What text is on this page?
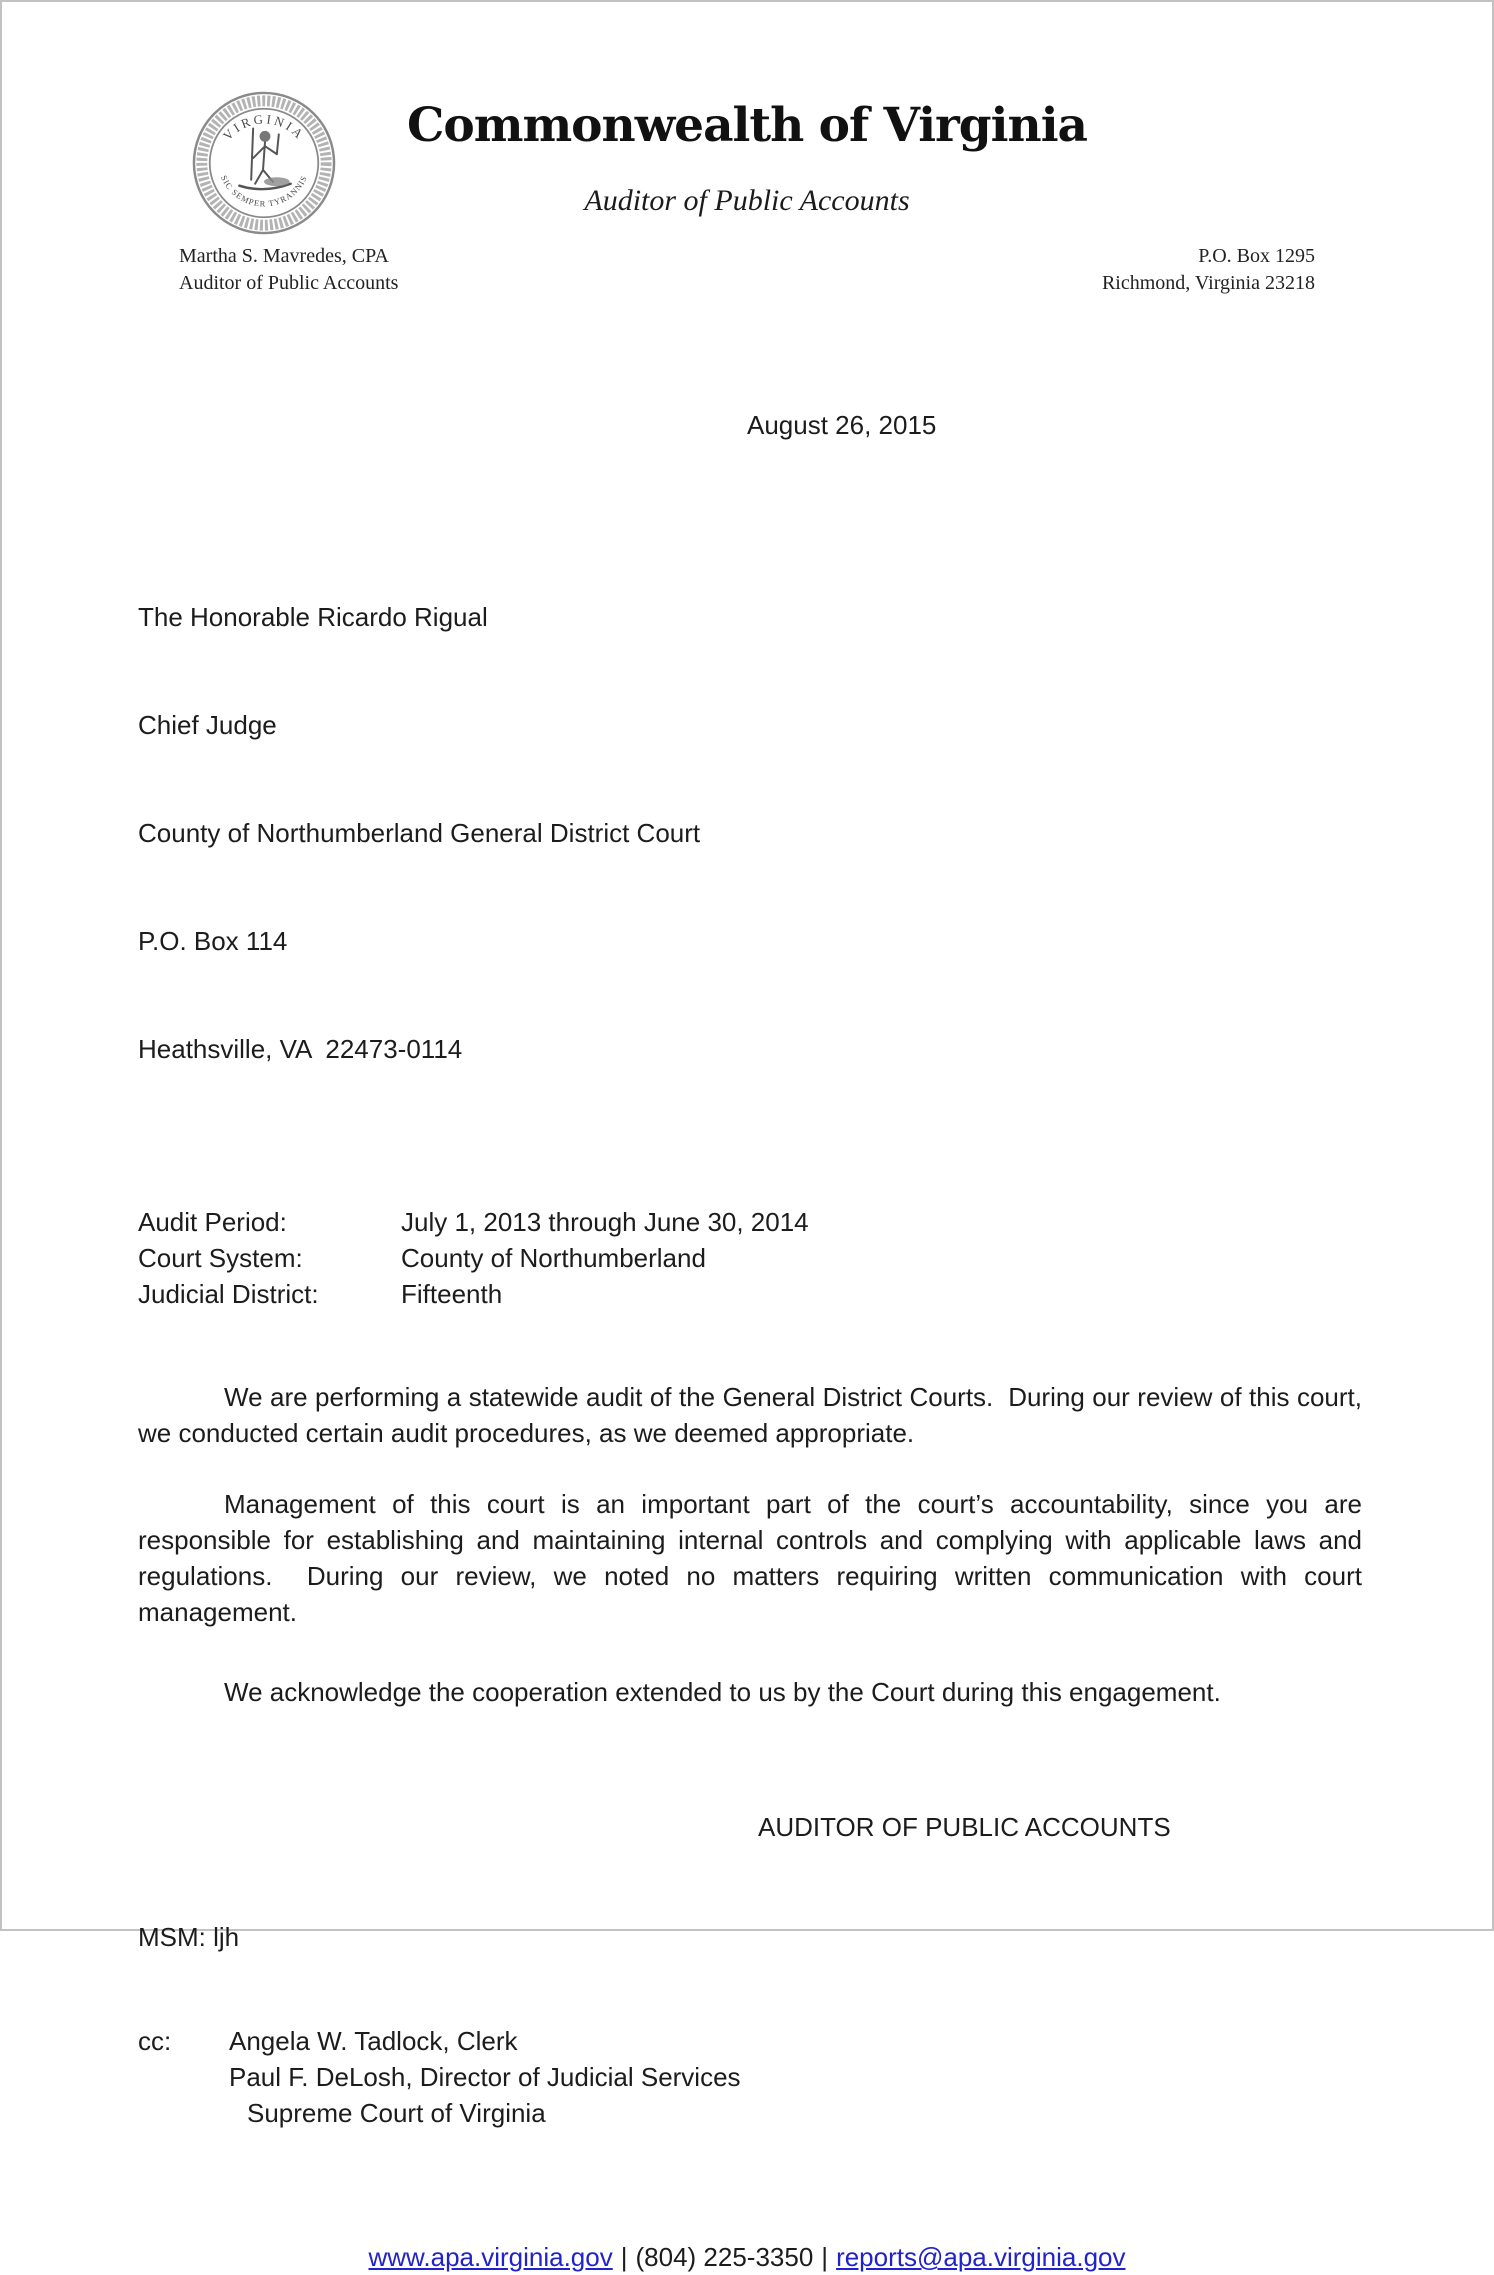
VIRGINIA
SIC SEMPER TYRANNIS
Commonwealth of Virginia
Auditor of Public Accounts
Martha S. Mavredes, CPA
Auditor of Public Accounts
P.O. Box 1295
Richmond, Virginia 23218
August 26, 2015

The Honorable Ricardo Rigual

Chief Judge

County of Northumberland General District Court

P.O. Box 114

Heathsville, VA  22473-0114

Audit Period:	July 1, 2013 through June 30, 2014
Court System:	County of Northumberland
Judicial District:	Fifteenth

We are performing a statewide audit of the General District Courts.  During our review of this court, we conducted certain audit procedures, as we deemed appropriate.

Management of this court is an important part of the court’s accountability, since you are responsible for establishing and maintaining internal controls and complying with applicable laws and regulations.  During our review, we noted no matters requiring written communication with court management.

We acknowledge the cooperation extended to us by the Court during this engagement.

AUDITOR OF PUBLIC ACCOUNTS
MSM: ljh
cc:	Angela W. Tadlock, Clerk
Paul F. DeLosh, Director of Judicial Services
Supreme Court of Virginia
www.apa.virginia.gov | (804) 225-3350 | reports@apa.virginia.gov
